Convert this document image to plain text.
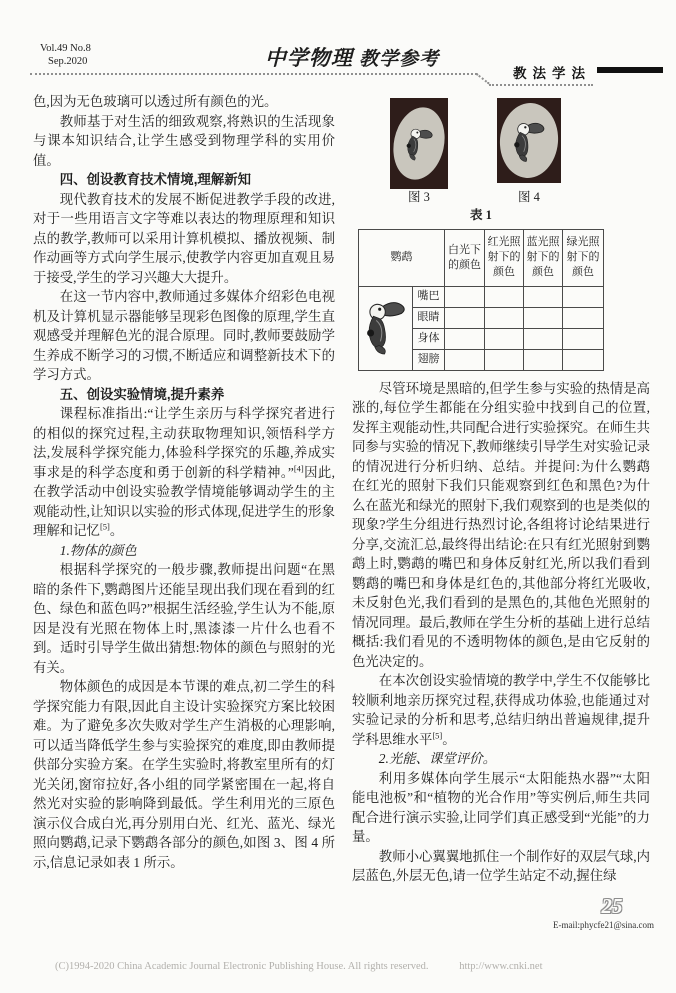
Vol.49 No.8
Sep.2020	中学物理 教学参考
教法学法

色,因为无色玻璃可以透过所有颜色的光。

教师基于对生活的细致观察,将熟识的生活现象与课本知识结合,让学生感受到物理学科的实用价值。

四、创设教育技术情境,理解新知

现代教育技术的发展不断促进教学手段的改进,对于一些用语言文字等难以表达的物理原理和知识点的教学,教师可以采用计算机模拟、播放视频、制作动画等方式向学生展示,使教学内容更加直观且易于接受,学生的学习兴趣大大提升。

在这一节内容中,教师通过多媒体介绍彩色电视机及计算机显示器能够呈现彩色图像的原理,学生直观感受并理解色光的混合原理。同时,教师要鼓励学生养成不断学习的习惯,不断适应和调整新技术下的学习方式。

五、创设实验情境,提升素养

课程标准指出:“让学生亲历与科学探究者进行的相似的探究过程,主动获取物理知识,领悟科学方法,发展科学探究能力,体验科学探究的乐趣,养成实事求是的科学态度和勇于创新的科学精神。”[4]因此,在教学活动中创设实验教学情境能够调动学生的主观能动性,让知识以实验的形式体现,促进学生的形象理解和记忆[5]。

1.物体的颜色

根据科学探究的一般步骤,教师提出问题“在黑暗的条件下,鹦鹉图片还能呈现出我们现在看到的红色、绿色和蓝色吗?”根据生活经验,学生认为不能,原因是没有光照在物体上时,黑漆漆一片什么也看不到。适时引导学生做出猜想:物体的颜色与照射的光有关。

物体颜色的成因是本节课的难点,初二学生的科学探究能力有限,因此自主设计实验探究方案比较困难。为了避免多次失败对学生产生消极的心理影响,可以适当降低学生参与实验探究的难度,即由教师提供部分实验方案。在学生实验时,将教室里所有的灯光关闭,窗帘拉好,各小组的同学紧密围在一起,将自然光对实验的影响降到最低。学生利用光的三原色演示仪合成白光,再分别用白光、红光、蓝光、绿光照向鹦鹉,记录下鹦鹉各部分的颜色,如图 3、图 4 所示,信息记录如表 1 所示。

图 3	图 4
表 1
鹦鹉		白光下的颜色	红光照射下的颜色	蓝光照射下的颜色	绿光照射下的颜色
	嘴巴				
	眼睛				
	身体				
	翅膀				

尽管环境是黑暗的,但学生参与实验的热情是高涨的,每位学生都能在分组实验中找到自己的位置,发挥主观能动性,共同配合进行实验探究。在师生共同参与实验的情况下,教师继续引导学生对实验记录的情况进行分析归纳、总结。并提问:为什么鹦鹉在红光的照射下我们只能观察到红色和黑色?为什么在蓝光和绿光的照射下,我们观察到的也是类似的现象?学生分组进行热烈讨论,各组将讨论结果进行分享,交流汇总,最终得出结论:在只有红光照射到鹦鹉上时,鹦鹉的嘴巴和身体反射红光,所以我们看到鹦鹉的嘴巴和身体是红色的,其他部分将红光吸收,未反射色光,我们看到的是黑色的,其他色光照射的情况同理。最后,教师在学生分析的基础上进行总结概括:我们看见的不透明物体的颜色,是由它反射的色光决定的。

在本次创设实验情境的教学中,学生不仅能够比较顺利地亲历探究过程,获得成功体验,也能通过对实验记录的分析和思考,总结归纳出普遍规律,提升学科思维水平[5]。

2.光能、课堂评价。

利用多媒体向学生展示“太阳能热水器”“太阳能电池板”和“植物的光合作用”等实例后,师生共同配合进行演示实验,让同学们真正感受到“光能”的力量。

教师小心翼翼地抓住一个制作好的双层气球,内层蓝色,外层无色,请一位学生站定不动,握住绿

25
E-mail:phycfe21@sina.com
(C)1994-2020 China Academic Journal Electronic Publishing House. All rights reserved.	http://www.cnki.net
